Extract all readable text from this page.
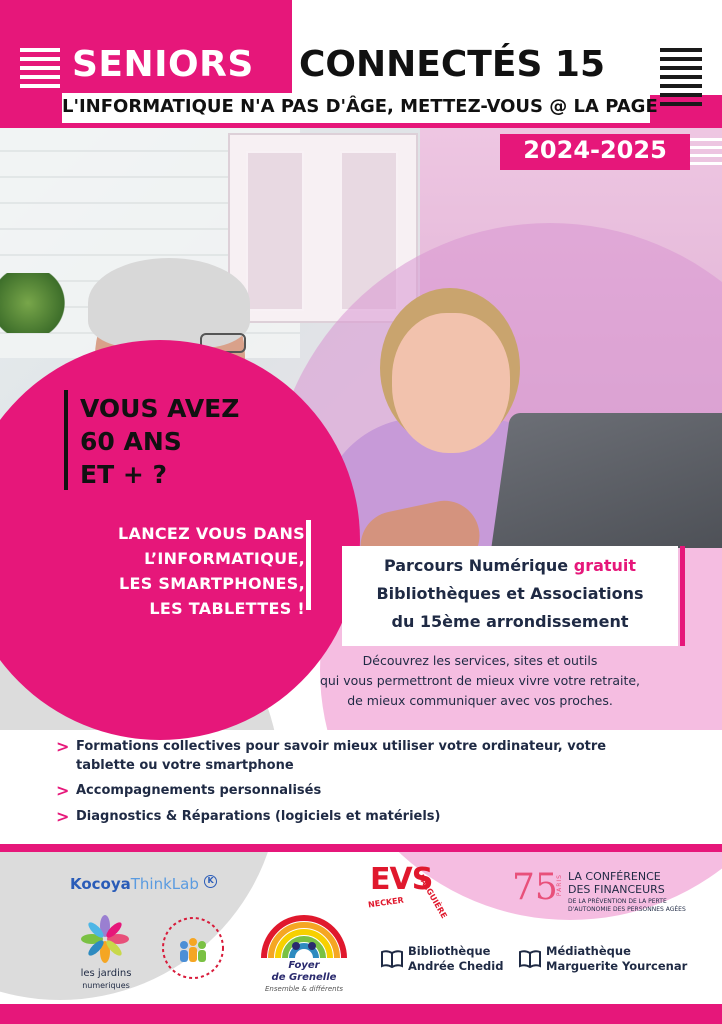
SENIORS CONNECTÉS 15
L'INFORMATIQUE N'A PAS D'ÂGE, METTEZ-VOUS @ LA PAGE
2024-2025
VOUS AVEZ
60 ANS
ET + ?
LANCEZ VOUS DANS
L’INFORMATIQUE,
LES SMARTPHONES,
LES TABLETTES !
Parcours Numérique gratuit
Bibliothèques et Associations
du 15ème arrondissement
Découvrez les services, sites et outils
qui vous permettront de mieux vivre votre retraite,
de mieux communiquer avec vos proches.
> Formations collectives pour savoir mieux utiliser votre ordinateur, votre tablette ou votre smartphone
> Accompagnements personnalisés
> Diagnostics & Réparations (logiciels et matériels)
KocoyaThinkLab K	EVS
NECKER FALGUIÈRE 75
PARIS LA CONFÉRENCE
DES FINANCEURS
DE LA PRÉVENTION DE LA PERTE
D'AUTONOMIE DES PERSONNES AGÉES
les jardins
numeriques
Foyer
de Grenelle
Ensemble & différents
Bibliothèque
Andrée Chedid
Médiathèque
Marguerite Yourcenar
